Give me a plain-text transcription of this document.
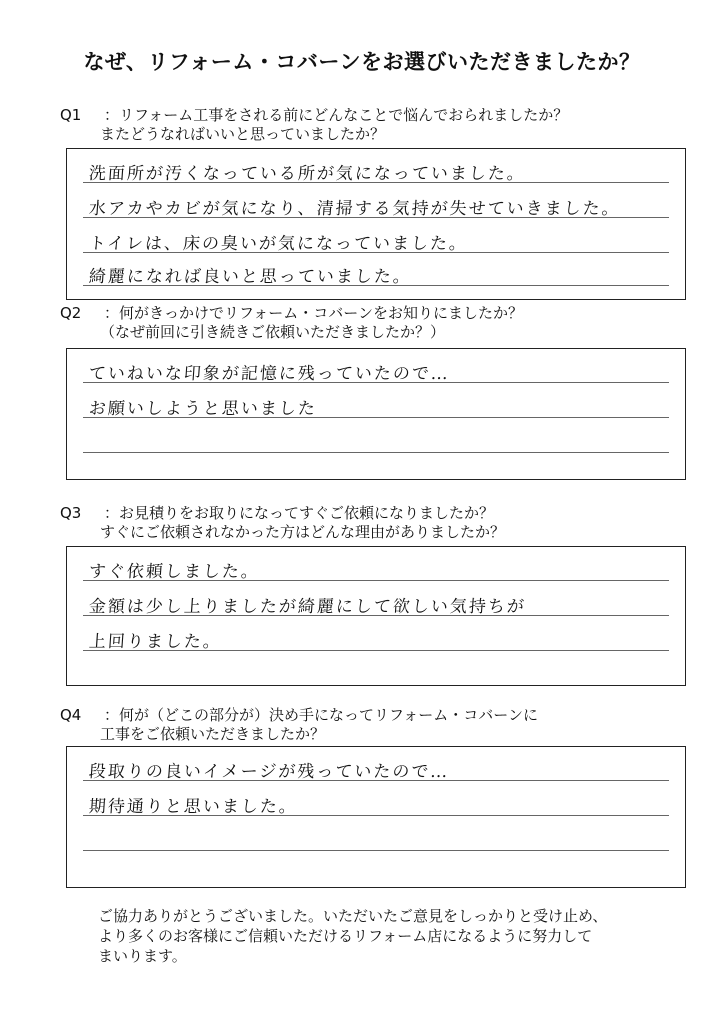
なぜ、リフォーム・コバーンをお選びいただきましたか？
Q1 ：リフォーム工事をされる前にどんなことで悩んでおられましたか？
またどうなればいいと思っていましたか？
洗面所が汚くなっている所が気になっていました。
水アカやカビが気になり、清掃する気持が失せていきました。
トイレは、床の臭いが気になっていました。
綺麗になれば良いと思っていました。
Q2 ：何がきっかけでリフォーム・コバーンをお知りにましたか？
（なぜ前回に引き続きご依頼いただきましたか？）
ていねいな印象が記憶に残っていたので…
お願いしようと思いました
Q3 ：お見積りをお取りになってすぐご依頼になりましたか？
すぐにご依頼されなかった方はどんな理由がありましたか？
すぐ依頼しました。
金額は少し上りましたが綺麗にして欲しい気持ちが
上回りました。
Q4 ：何が（どこの部分が）決め手になってリフォーム・コバーンに
工事をご依頼いただきましたか？
段取りの良いイメージが残っていたので…
期待通りと思いました。
ご協力ありがとうございました。いただいたご意見をしっかりと受け止め、
より多くのお客様にご信頼いただけるリフォーム店になるように努力して
まいります。
